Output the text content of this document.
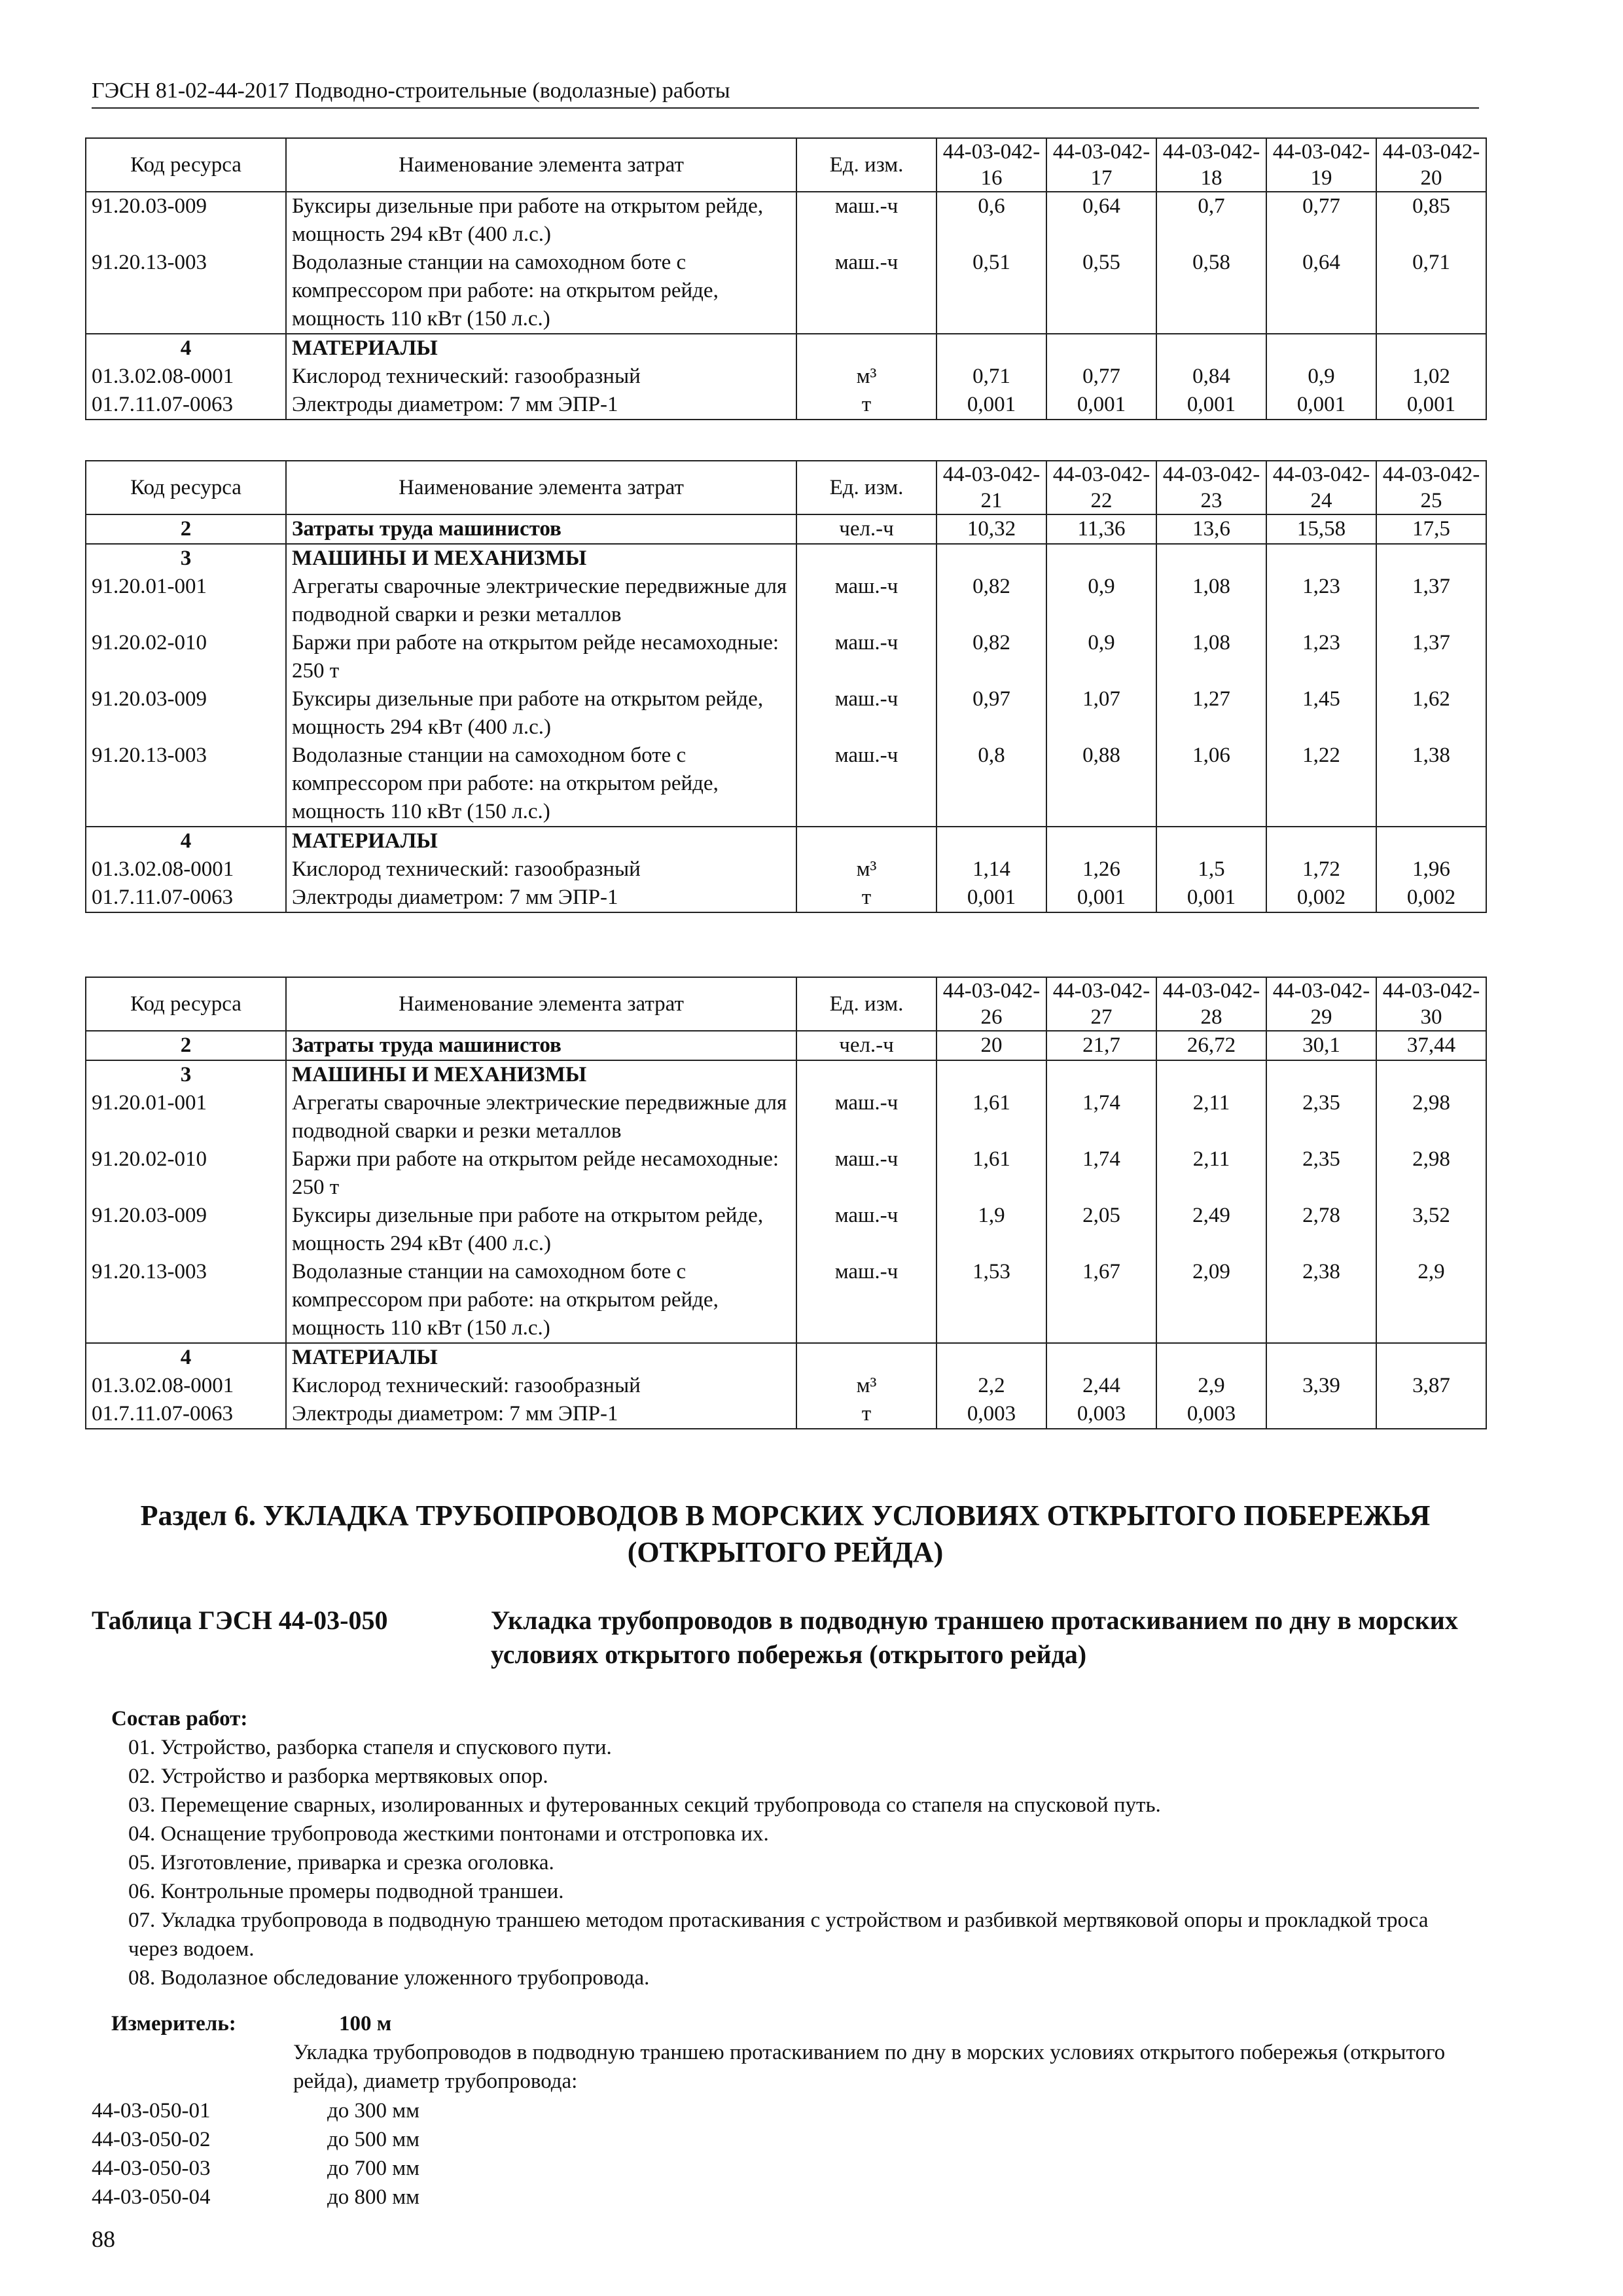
ГЭСН 81-02-44-2017 Подводно-строительные (водолазные) работы
Код ресурса	Наименование элемента затрат	Ед. изм.	44-03-042-16	44-03-042-17	44-03-042-18	44-03-042-19	44-03-042-20
91.20.03-009	Буксиры дизельные при работе на открытом рейде, мощность 294 кВт (400 л.с.)	маш.-ч	0,6	0,64	0,7	0,77	0,85
91.20.13-003	Водолазные станции на самоходном боте с компрессором при работе: на открытом рейде, мощность 110 кВт (150 л.с.)	маш.-ч	0,51	0,55	0,58	0,64	0,71
4	МАТЕРИАЛЫ						
01.3.02.08-0001	Кислород технический: газообразный	м³	0,71	0,77	0,84	0,9	1,02
01.7.11.07-0063	Электроды диаметром: 7 мм ЭПР-1	т	0,001	0,001	0,001	0,001	0,001
Код ресурса	Наименование элемента затрат	Ед. изм.	44-03-042-21	44-03-042-22	44-03-042-23	44-03-042-24	44-03-042-25
2	Затраты труда машинистов	чел.-ч	10,32	11,36	13,6	15,58	17,5
3	МАШИНЫ И МЕХАНИЗМЫ						
91.20.01-001	Агрегаты сварочные электрические передвижные для подводной сварки и резки металлов	маш.-ч	0,82	0,9	1,08	1,23	1,37
91.20.02-010	Баржи при работе на открытом рейде несамоходные: 250 т	маш.-ч	0,82	0,9	1,08	1,23	1,37
91.20.03-009	Буксиры дизельные при работе на открытом рейде, мощность 294 кВт (400 л.с.)	маш.-ч	0,97	1,07	1,27	1,45	1,62
91.20.13-003	Водолазные станции на самоходном боте с компрессором при работе: на открытом рейде, мощность 110 кВт (150 л.с.)	маш.-ч	0,8	0,88	1,06	1,22	1,38
4	МАТЕРИАЛЫ						
01.3.02.08-0001	Кислород технический: газообразный	м³	1,14	1,26	1,5	1,72	1,96
01.7.11.07-0063	Электроды диаметром: 7 мм ЭПР-1	т	0,001	0,001	0,001	0,002	0,002
Код ресурса	Наименование элемента затрат	Ед. изм.	44-03-042-26	44-03-042-27	44-03-042-28	44-03-042-29	44-03-042-30
2	Затраты труда машинистов	чел.-ч	20	21,7	26,72	30,1	37,44
3	МАШИНЫ И МЕХАНИЗМЫ						
91.20.01-001	Агрегаты сварочные электрические передвижные для подводной сварки и резки металлов	маш.-ч	1,61	1,74	2,11	2,35	2,98
91.20.02-010	Баржи при работе на открытом рейде несамоходные: 250 т	маш.-ч	1,61	1,74	2,11	2,35	2,98
91.20.03-009	Буксиры дизельные при работе на открытом рейде, мощность 294 кВт (400 л.с.)	маш.-ч	1,9	2,05	2,49	2,78	3,52
91.20.13-003	Водолазные станции на самоходном боте с компрессором при работе: на открытом рейде, мощность 110 кВт (150 л.с.)	маш.-ч	1,53	1,67	2,09	2,38	2,9
4	МАТЕРИАЛЫ						
01.3.02.08-0001	Кислород технический: газообразный	м³	2,2	2,44	2,9	3,39	3,87
01.7.11.07-0063	Электроды диаметром: 7 мм ЭПР-1	т	0,003	0,003	0,003		
Раздел 6. УКЛАДКА ТРУБОПРОВОДОВ В МОРСКИХ УСЛОВИЯХ ОТКРЫТОГО ПОБЕРЕЖЬЯ (ОТКРЫТОГО РЕЙДА)
Таблица ГЭСН 44-03-050	Укладка трубопроводов в подводную траншею протаскиванием по дну в морских условиях открытого побережья (открытого рейда)
Состав работ:
01. Устройство, разборка стапеля и спускового пути.
02. Устройство и разборка мертвяковых опор.
03. Перемещение сварных, изолированных и футерованных секций трубопровода со стапеля на спусковой путь.
04. Оснащение трубопровода жесткими понтонами и отстроповка их.
05. Изготовление, приварка и срезка оголовка.
06. Контрольные промеры подводной траншеи.
07. Укладка трубопровода в подводную траншею методом протаскивания с устройством и разбивкой мертвяковой опоры и прокладкой троса через водоем.
08. Водолазное обследование уложенного трубопровода.
Измеритель:	100 м
Укладка трубопроводов в подводную траншею протаскиванием по дну в морских условиях открытого побережья (открытого рейда), диаметр трубопровода:
44-03-050-01	до 300 мм
44-03-050-02	до 500 мм
44-03-050-03	до 700 мм
44-03-050-04	до 800 мм
88
